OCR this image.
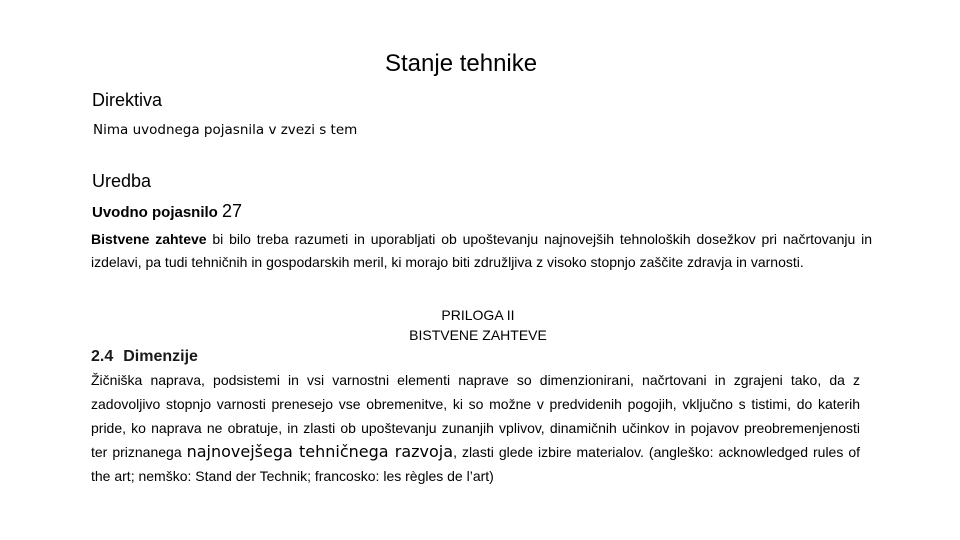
Stanje tehnike
Direktiva
Nima uvodnega pojasnila v zvezi s tem
Uredba
Uvodno pojasnilo 27
Bistvene zahteve bi bilo treba razumeti in uporabljati ob upoštevanju najnovejših tehnoloških dosežkov pri načrtovanju in izdelavi, pa tudi tehničnih in gospodarskih meril, ki morajo biti združljiva z visoko stopnjo zaščite zdravja in varnosti.
PRILOGA II
BISTVENE ZAHTEVE
2.4 Dimenzije
Žičniška naprava, podsistemi in vsi varnostni elementi naprave so dimenzionirani, načrtovani in zgrajeni tako, da z zadovoljivo stopnjo varnosti prenesejo vse obremenitve, ki so možne v predvidenih pogojih, vključno s tistimi, do katerih pride, ko naprava ne obratuje, in zlasti ob upoštevanju zunanjih vplivov, dinamičnih učinkov in pojavov preobremenjenosti ter priznanega najnovejšega tehničnega razvoja, zlasti glede izbire materialov. (angleško: acknowledged rules of the art; nemško: Stand der Technik; francosko: les règles de l’art)
